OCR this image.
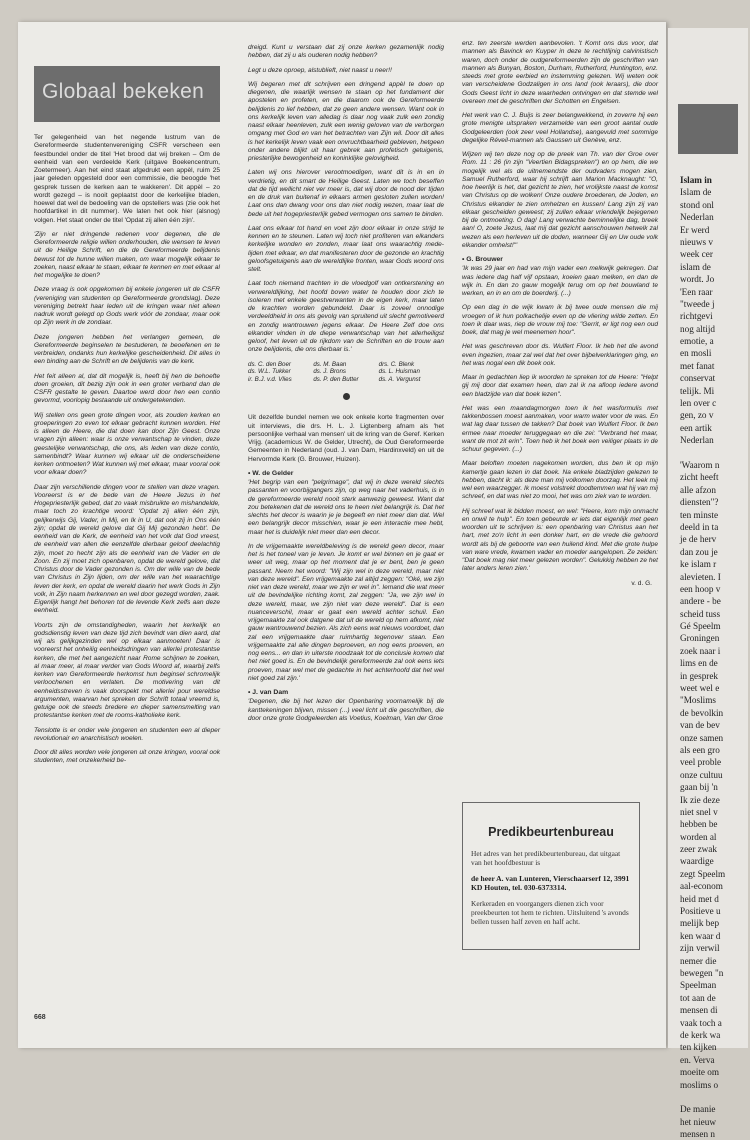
Globaal bekeken

Ter gelegenheid van het negende lustrum van de Gereformeerde studentenvereniging CSFR verscheen een feestbundel onder de titel 'Het brood dat wij breken – Om de eenheid van een verdeelde Kerk (uitgave Boekencentrum, Zoetermeer). Aan het eind staat afgedrukt een appèl, ruim 25 jaar geleden opgesteld door een commissie, die beoogde 'het gesprek tussen de kerken aan te wakkeren'. Dit appèl – zo wordt gezegd – is nooit geplaatst door de kerkelijke bladen, hoewel dat wel de bedoeling van de opstellers was (zie ook het hoofdartikel in dit nummer). We laten het ook hier (alsnog) volgen. Het staat onder de titel 'Opdat zij allen één zijn'.

'Zijn er niet dringende redenen voor degenen, die de Gereformeerde religie willen onderhouden, die wensen te leven uit de Heilige Schrift, en die de Gereformeerde belijdenis bewust tot de hunne willen maken, om waar mogelijk elkaar te zoeken, naast elkaar te staan, elkaar te kennen en met elkaar al het mogelijke te doen?

Deze vraag is ook opgekomen bij enkele jongeren uit de CSFR (vereniging van studenten op Gereformeerde grondslag). Deze vereniging betrekt haar leden uit de kringen waar niet alleen nadruk wordt gelegd op Gods werk vóór de zondaar, maar ook op Zijn werk in de zondaar.

Deze jongeren hebben het verlangen gemeen, de Gereformeerde beginselen te bestuderen, te beoefenen en te verbreiden, ondanks hun kerkelijke gescheidenheid. Dit alles in een binding aan de Schrift en de belijdenis van de kerk.

Het feit alleen al, dat dit mogelijk is, heeft bij hen de behoefte doen groeien, dit bezig zijn ook in een groter verband dan de CSFR gestalte te geven. Daartoe werd door hen een contio gevormd, voorlopig bestaande uit ondergetekenden.

Wij stellen ons geen grote dingen voor, als zouden kerken en groeperingen zo even tot elkaar gebracht kunnen worden. Het is alleen de Heere, die dat doen kan door Zijn Geest. Onze vragen zijn alleen: waar is onze verwantschap te vinden, deze geestelijke verwantschap, die ons, als leden van deze contio, samenbindt? Waar kunnen wij elkaar uit de onderscheidene kerken ontmoeten? Wat kunnen wij met elkaar, maar vooral ook voor elkaar doen?

Daar zijn verschillende dingen voor te stellen van deze vragen. Vooreerst is er de bede van de Heere Jezus in het Hogepriesterlijk gebed, dat zo vaak misbruikte en mishandelde, maar toch zo krachtige woord: 'Opdat zij allen één zijn, gelijkerwijs Gij, Vader, in Mij, en Ik in U, dat ook zij in Ons één zijn; opdat de wereld gelove dat Gij Mij gezonden hebt'. De eenheid van de Kerk, de eenheid van het volk dat God vreest, de eenheid van allen die eenzelfde dierbaar geloof deelachtig zijn, moet zo hecht zijn als de eenheid van de Vader en de Zoon. En zij moet zich openbaren, opdat de wereld gelove, dat Christus door de Vader gezonden is. Om der wille van de bede van Christus in Zijn lijden, om der wille van het waarachtige leven der kerk, en opdat de wereld daarin het werk Gods in Zijn volk, in Zijn naam herkennen en wel door gezegd worden, zaak. Eigenlijk hangt het behoren tot de levende Kerk zelfs aan deze eenheid.

Voorts zijn de omstandigheden, waarin het kerkelijk en godsdienstig leven van deze tijd zich bevindt van dien aard, dat wij als gelijkgezinden wel op elkaar aanmoeten! Daar is vooreerst het onheilig eenheidsdringen van allerlei protestantse kerken, die met het aangezicht naar Rome schijnen te zoeken, al maar meer, al maar verder van Gods Woord af, waarbij zelfs kerken van Gereformeerde herkomst hun beginsel schromelijk verloochenen en verlaten. De motivering van dit eenheidsstreven is vaak doorspekt met allerlei pour wereldse argumenten, waarvan het spreken der Schrift totaal vreemd is, getuige ook de steeds bredere en dieper samensmelting van protestantse kerken met de rooms-katholieke kerk.

Tenslotte is er onder vele jongeren en studenten een al dieper revolutionair en anarchistisch woelen.

Door dit alles worden vele jongeren uit onze kringen, vooral ook studenten, met onzekerheid be-

dreigd. Kunt u verstaan dat zij onze kerken gezamenlijk nodig hebben, dat zij u als ouderen nodig hebben?

Legt u deze oproep, alstublieft, niet naast u neer!!

Wij begeren met dit schrijven een dringend appèl te doen op diegenen, die waarlijk wensen te staan op het fundament der apostelen en profeten, en die daarom ook de Gereformeerde belijdenis zo lief hebben, dat ze geen andere wensen. Want ook in ons kerkelijk leven van alledag is daar nog vaak zulk een zondig naast elkaar heenleven, zulk een wenig geloven van de verborgen omgang met God en van het betrachten van Zijn wil. Door dit alles is het kerkelijk leven vaak een onvruchtbaarheid gebleven, hetgeen onder andere blijkt uit haar gebrek aan profetisch getuigenis, priesterlijke bewogenheid en koninklijke gelovigheid.

Laten wij ons hierover verootmoedigen, want dit is in en in verdrietig, en dit smart de Heilige Geest. Laten we toch beseffen dat de tijd wellicht niet ver meer is, dat wij door de nood der tijden en de druk van buitenaf in elkaars armen gesloten zullen worden! Laat ons dan dwang voor ons dan niet nodig wezen, maar laat de bede uit het hogepriesterlijk gebed vermogen ons samen te binden.

Laat ons elkaar tot hand en voet zijn door elkaar in onze strijd te kennen en te steunen. Laten wij toch niet profiteren van elkanders kerkelijke wonden en zonden, maar laat ons waarachtig mede-lijden met elkaar, en dat manifesteren door de gezonde en krachtig geloofsgetuigenis aan de wereldlijke fronten, waar Gods woord ons stelt.

Laat toch niemand trachten in de vloedgolf van ontkerstening en verwereldlijking, het hoofd boven water te houden door zich te isoleren met enkele geestverwanten in de eigen kerk, maar laten de krachten worden gebundeld. Daar is zoveel onnodige verdeeldheid in ons als gevolg van spruitend uit slecht gemotiveerd en zondig wantrouwen jegens elkaar. De Heere Zelf doe ons elkander vinden in de diepe verwantschap van het allerheiligst geloof, het leven uit de rijkdom van de Schriften en de trouw aan onze belijdenis, die ons dierbaar is.'

ds. C. den Boer	ds. M. Baan	drs. C. Blenk
ds. W.L. Tukker	ds. J. Brons	ds. L. Huisman
ir. B.J. v.d. Vlies	ds. P. den Butter	ds. A. Vergunst

Uit dezelfde bundel nemen we ook enkele korte fragmenten over uit interviews, die drs. H. L. J. Ligtenberg afnam als 'het persoonlijke verhaal van mensen' uit de kring van de Geref. Kerken Vrijg. (academicus W. de Gelder, Utrecht), de Oud Gereformeerde Gemeenten in Nederland (oud. J. van Dam, Hardinxveld) en uit de Hervormde Kerk (G. Brouwer, Huizen).

• W. de Gelder

'Het begrip van een "pelgrimage", dat wij in deze wereld slechts passanten en voorbijgangers zijn, op weg naar het vaderhuis, is in de gereformeerde wereld nooit sterk aanwezig geweest. Want dat zou betekenen dat de wereld ons te heen niet belangrijk is. Dat het slechts het decor is waarin je je begeeft en niet meer dan dat. Wel een belangrijk decor misschien, waar je een interactie mee hebt, maar het is duidelijk niet meer dan een decor.

In de vrijgemaakte wereldbeleving is de wereld geen decor, maar het is het toneel van je leven. Je komt er wel binnen en je gaat er weer uit weg, maar op het moment dat je er bent, ben je geen passant. Neem het woord: "Wij zijn wel in deze wereld, maar niet van deze wereld". Een vrijgemaakte zal altijd zeggen: "Oké, we zijn niet van deze wereld, maar we zijn er wel in". Iemand die wat meer uit de bevindelijke richting komt, zal zeggen: "Ja, we zijn wel in deze wereld, maar, we zijn niet van deze wereld". Dat is een nuanceverschil, maar er gaat een wereld achter schuil. Een vrijgemaakte zal ook datgene dat uit de wereld op hem afkomt, niet gauw wantrouwend bezien. Als zich eens wat nieuws voordoet, dan zal een vrijgemaakte daar ruimhartig tegenover staan. Een vrijgemaakte zal alle dingen beproeven, en nog eens proeven, en nog eens... en dan in uiterste noodzaak tot de conclusie komen dat het niet goed is. En de bevindelijk gereformeerde zal ook eens iets proeven, maar wel met de gedachte in het achterhoofd dat het wel niet goed zal zijn.'

• J. van Dam

'Degenen, die bij het lezen der Openbaring voornamelijk bij de kanttekeningen blijven, missen (...) veel licht uit die geschriften, die door onze grote Godgeleerden als Voetius, Koelman, Van der Groe

enz. ten zeerste werden aanbevolen. 't Komt ons dus voor, dat mannen als Bavinck en Kuyper in deze te rechtlijnig calvinistisch waren, doch onder de oudgereformeerden zijn de geschriften van mannen als Bunyan, Boston, Durham, Rutherford, Huntington, enz. steeds met grote eerbied en instemming gelezen. Wij weten ook van verscheidene Godzaligen in ons land (ook leraars), die door Gods Geest licht in deze waarheden ontvingen en dat stemde wel overeen met de geschriften der Schotten en Engelsen.

Het werk van C. J. Buijs is zeer belangwekkend, in zoverre hij een grote menigte uitspraken verzamelde van een groot aantal oude Godgeleerden (ook zeer veel Hollandse), aangevuld met sommige degelijke Réveil-mannen als Gaussen uit Genève, enz.

Wijzen wij ten deze nog op de preek van Th. van der Groe over Rom. 11 : 26 (in zijn "Veertien Bidagspreken") en op hem, die we mogelijk wel als de uitnemendste der oudvaders mogen zien, Samuel Rutherford, waar hij schrijft aan Marion Macknaught: "O, hoe heerlijk is het, dat gezicht te zien, het vrolijkste naast de komst van Christus op de wolken! Onze oudere broederen, de Joden, en Christus elkander te zien omhelzen en kussen! Lang zijn zij van elkaar gescheiden geweest; zij zullen elkaar vriendelijk bejegenen bij de ontmoeting. O dag! Lang verwachte beminnelijke dag, breek aan! O, zoete Jezus, laat mij dat gezicht aanschouwen hetwelk zal wezen als een herleven uit de doden, wanneer Gij en Uw oude volk elkander omhelst!"'

• G. Brouwer

'Ik was 29 jaar en had van mijn vader een melkwijk gekregen. Dat was iedere dag half vijf opstaan, koeien gaan melken, en dan de wijk in. En dan zo gauw mogelijk terug om op het bouwland te werken, en in en om de boerderij. (...)

Op een dag in de wijk kwam ik bij twee oude mensen die mij vroegen of ik hun polkachelije even op de vliering wilde zetten. En toen ik daar was, riep de vrouw mij toe: "Gerrit, er ligt nog een oud boek, dat mag je wel meenemen hoor".

Het was geschreven door ds. Wulfert Floor. Ik heb het die avond even ingezien, maar zal wel dat het over bijbelverklaringen ging, en het was nogal een dik boek ook.

Maar in gedachten liep ik woorden te spreken tot de Heere: "Helpt gij mij door dat examen heen, dan zal ik na afloop iedere avond een bladzijde van dat boek lezen".

Het was een maandagmorgen toen ik het wasformulis met takkenbossen moest aanmaken, voor warm water voor de was. En wat lag daar tussen de takken? Dat boek van Wulfert Floor. Ik ben ermee naar moeder teruggegaan en die zei: "Verbrand het maar, want de mot zit erin". Toen heb ik het boek een veiliger plaats in de schuur gegeven. (...)

Maar beloften moeten nagekomen worden, dus ben ik op mijn kamertje gaan lezen in dat boek. Na enkele bladzijden gelezen te hebben, dacht ik: als deze man mij volkomen doorzag. Het leek mij wel een waarzegger. Ik moest volstrekt doodtemmen wat hij van mij schreef, en dat was niet zo mooi, het was om ziek van te worden.

Hij schreef wat ik bidden moest, en wel: "Heere, kom mijn onmacht en onwil te hulp". En toen gebeurde er iets dat eigenlijk met geen woorden uit te schrijven is: een openbaring van Christus aan het hart, met zo'n licht in een donker hart, en de vrede die gehoord wordt als bij de geboorte van een huilend kind. Met die grote hulpe van ware vrede, kwamen vader en moeder aangelopen. Ze zeiden: "Dat boek mag niet meer gelezen worden". Gelukkig hebben ze het later anders leren zien.'

v. d. G.
Predikbeurtenbureau

Het adres van het predikbeurtenbureau, dat uitgaat van het hoofdbestuur is

de heer A. van Lunteren, Vierschaarserf 12, 3991 KD Houten, tel. 030-6373314.

Kerkeraden en voorgangers dienen zich voor preekbeurten tot hem te richten. Uitsluitend 's avonds bellen tussen half zeven en half acht.

668
Islam in
Islam de
stond onl
Nederlan
Er werd
nieuws v
week cer
islam de
wordt. Jo
'Een raar
"tweede j
richtgevi
nog altijd
emotie, a
en mosli
met fanat
conservat
telijk. Mi
len over c
gen, zo v
een artik
Nederlan
'Waarom n
zicht heeft
alle afzon
diensten"?
ten minste
deeld in ta
je de herv
dan zou je
ke islam r
alevieten. I
een hoop v
andere - be
scheid tuss
Gé Speelm
Groningen
zoek naar i
lims en de
in gesprek
weet wel e
"Moslims
de bevolkin
van de bev
onze samen
als een gro
veel proble
onze cultuu
gaan bij 'n
Ik zie deze
niet snel v
hebben be
worden al
zeer zwak
waardige
zegt Speelm
aal-econom
heid met d
Positieve u
melijk bep
ken waar d
zijn verwil
nemer die
bewegen "n
Speelman
tot aan de
mensen di
vaak toch a
de kerk wa
ten kijken
en. Verva
moeite om
moslims o
De manie
het nieuw
mensen n
